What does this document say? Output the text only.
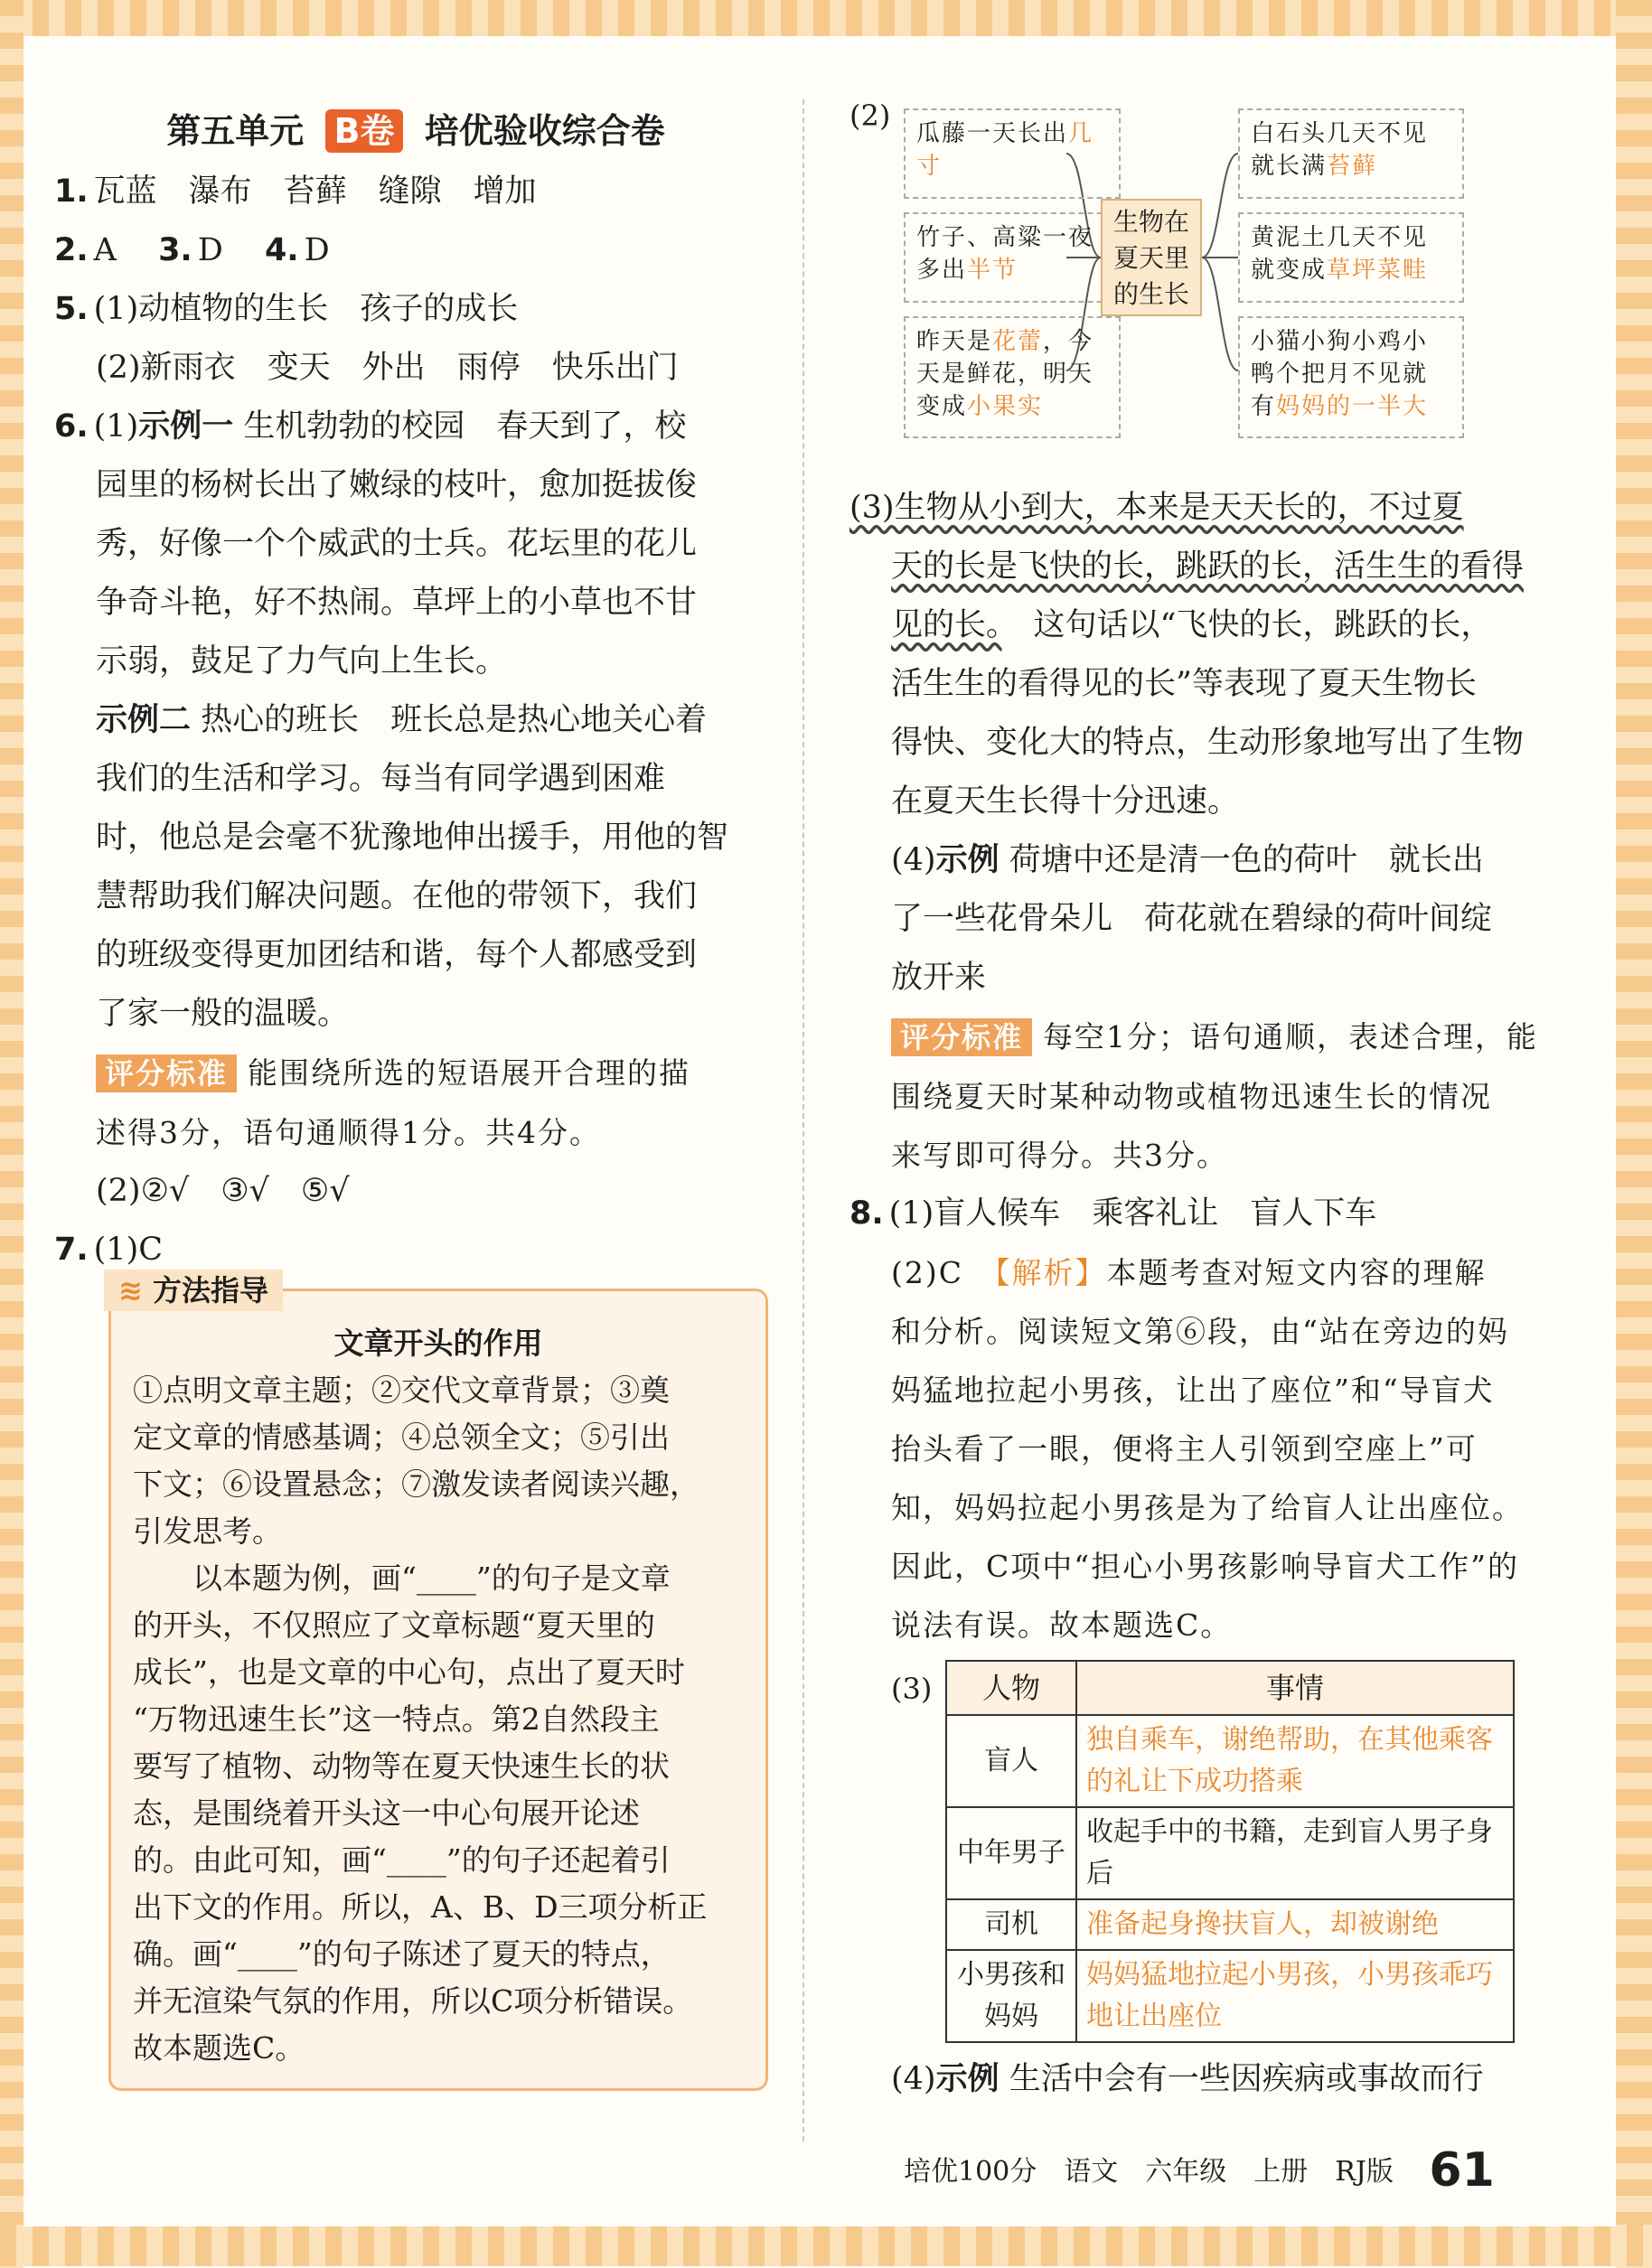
第五单元 B卷 培优验收综合卷
1. 瓦蓝　瀑布　苔藓　缝隙　增加
2. A　 3. D　 4. D
5. (1)动植物的生长　孩子的成长
(2)新雨衣　变天　外出　雨停　快乐出门
6. (1)示例一 生机勃勃的校园　春天到了，校
园里的杨树长出了嫩绿的枝叶，愈加挺拔俊
秀，好像一个个威武的士兵。花坛里的花儿
争奇斗艳，好不热闹。草坪上的小草也不甘
示弱，鼓足了力气向上生长。
示例二 热心的班长　班长总是热心地关心着
我们的生活和学习。每当有同学遇到困难
时，他总是会毫不犹豫地伸出援手，用他的智
慧帮助我们解决问题。在他的带领下，我们
的班级变得更加团结和谐，每个人都感受到
了家一般的温暖。
评分标准 能围绕所选的短语展开合理的描
述得3分，语句通顺得1分。共4分。
(2)②√　③√　⑤√
7. (1)C
≋ 方法指导
文章开头的作用
①点明文章主题；②交代文章背景；③奠
定文章的情感基调；④总领全文；⑤引出
下文；⑥设置悬念；⑦激发读者阅读兴趣，
引发思考。
　　以本题为例，画“____”的句子是文章
的开头，不仅照应了文章标题“夏天里的
成长”，也是文章的中心句，点出了夏天时
“万物迅速生长”这一特点。第2自然段主
要写了植物、动物等在夏天快速生长的状
态，是围绕着开头这一中心句展开论述
的。由此可知，画“____”的句子还起着引
出下文的作用。所以，A、B、D三项分析正
确。画“____”的句子陈述了夏天的特点，
并无渲染气氛的作用，所以C项分析错误。
故本题选C。
(2)
瓜藤一天长出几寸
竹子、高粱一夜多出半节
昨天是花蕾，今天是鲜花，明天变成小果实
生物在夏天里的生长
白石头几天不见就长满苔藓
黄泥土几天不见就变成草坪菜畦
小猫小狗小鸡小鸭个把月不见就有妈妈的一半大
(3)生物从小到大，本来是天天长的，不过夏
天的长是飞快的长，跳跃的长，活生生的看得
见的长。　这句话以“飞快的长，跳跃的长，
活生生的看得见的长”等表现了夏天生物长
得快、变化大的特点，生动形象地写出了生物
在夏天生长得十分迅速。
(4)示例 荷塘中还是清一色的荷叶　就长出
了一些花骨朵儿　荷花就在碧绿的荷叶间绽
放开来
评分标准 每空1分；语句通顺，表述合理，能
围绕夏天时某种动物或植物迅速生长的情况
来写即可得分。共3分。
8. (1)盲人候车　乘客礼让　盲人下车
(2)C　【解析】本题考查对短文内容的理解
和分析。阅读短文第⑥段，由“站在旁边的妈
妈猛地拉起小男孩，让出了座位”和“导盲犬
抬头看了一眼，便将主人引领到空座上”可
知，妈妈拉起小男孩是为了给盲人让出座位。
因此，C项中“担心小男孩影响导盲犬工作”的
说法有误。故本题选C。
(3) 人物	事情
盲人	独自乘车，谢绝帮助，在其他乘客的礼让下成功搭乘
中年男子	收起手中的书籍，走到盲人男子身后
司机	准备起身搀扶盲人，却被谢绝
小男孩和妈妈	妈妈猛地拉起小男孩，小男孩乖巧地让出座位
(4)示例 生活中会有一些因疾病或事故而行
培优100分　语文　六年级　上册　RJ版 61
